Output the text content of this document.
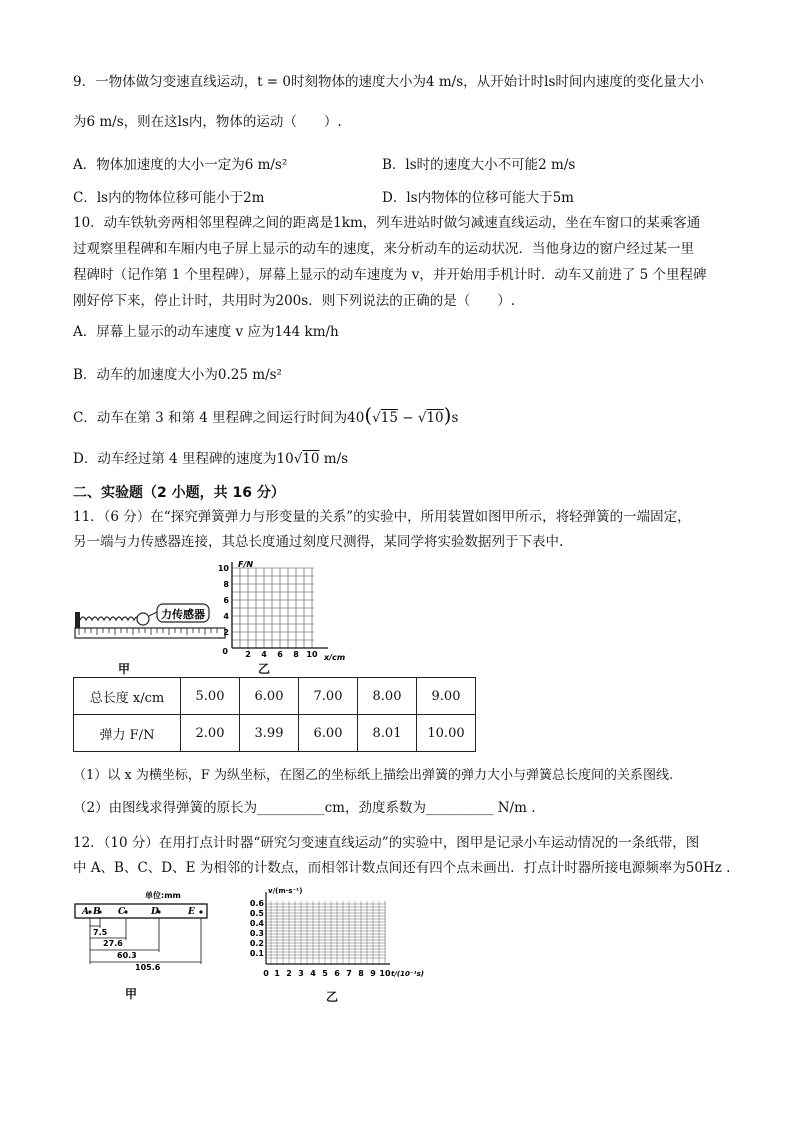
9．一物体做匀变速直线运动，t = 0时刻物体的速度大小为4 m/s，从开始计时ls时间内速度的变化量大小
为6 m/s，则在这ls内，物体的运动（　　）.
A．物体加速度的大小一定为6 m/s²	B．ls时的速度大小不可能2 m/s
C．ls内的物体位移可能小于2m	D．ls内物体的位移可能大于5m
10．动车铁轨旁两相邻里程碑之间的距离是1km，列车进站时做匀减速直线运动，坐在车窗口的某乘客通
过观察里程碑和车厢内电子屏上显示的动车的速度，来分析动车的运动状况．当他身边的窗户经过某一里
程碑时（记作第 1 个里程碑），屏幕上显示的动车速度为 v，并开始用手机计时．动车又前进了 5 个里程碑
刚好停下来，停止计时，共用时为200s．则下列说法的正确的是（　　）.
A．屏幕上显示的动车速度 v 应为144 km/h
B．动车的加速度大小为0.25 m/s²
C．动车在第 3 和第 4 里程碑之间运行时间为40(√15 − √10)s
D．动车经过第 4 里程碑的速度为10√10 m/s
二、实验题（2 小题，共 16 分）
11．（6 分）在“探究弹簧弹力与形变量的关系”的实验中，所用装置如图甲所示，将轻弹簧的一端固定，
另一端与力传感器连接，其总长度通过刻度尺测得，某同学将实验数据列于下表中.
力传感器
甲
F/N
10
8
6
4
2
0 2 4 6 8 10 x/cm
乙
总长度 x/cm	5.00	6.00	7.00	8.00	9.00
弹力 F/N	2.00	3.99	6.00	8.01	10.00
（1）以 x 为横坐标，F 为纵坐标，在图乙的坐标纸上描绘出弹簧的弹力大小与弹簧总长度间的关系图线.
（2）由图线求得弹簧的原长为__________cm，劲度系数为__________ N/m .
12．（10 分）在用打点计时器“研究匀变速直线运动”的实验中，图甲是记录小车运动情况的一条纸带，图
中 A、B、C、D、E 为相邻的计数点，而相邻计数点间还有四个点未画出．打点计时器所接电源频率为50Hz .
单位:mm
A B C	D	E
7.5
27.6
60.3
105.6
甲
v/(m·s⁻¹)
0.6
0.5
0.4
0.3
0.2
0.1
0 1 2 3 4 5 6 7 8 9 10 t/(10⁻¹s)
乙
